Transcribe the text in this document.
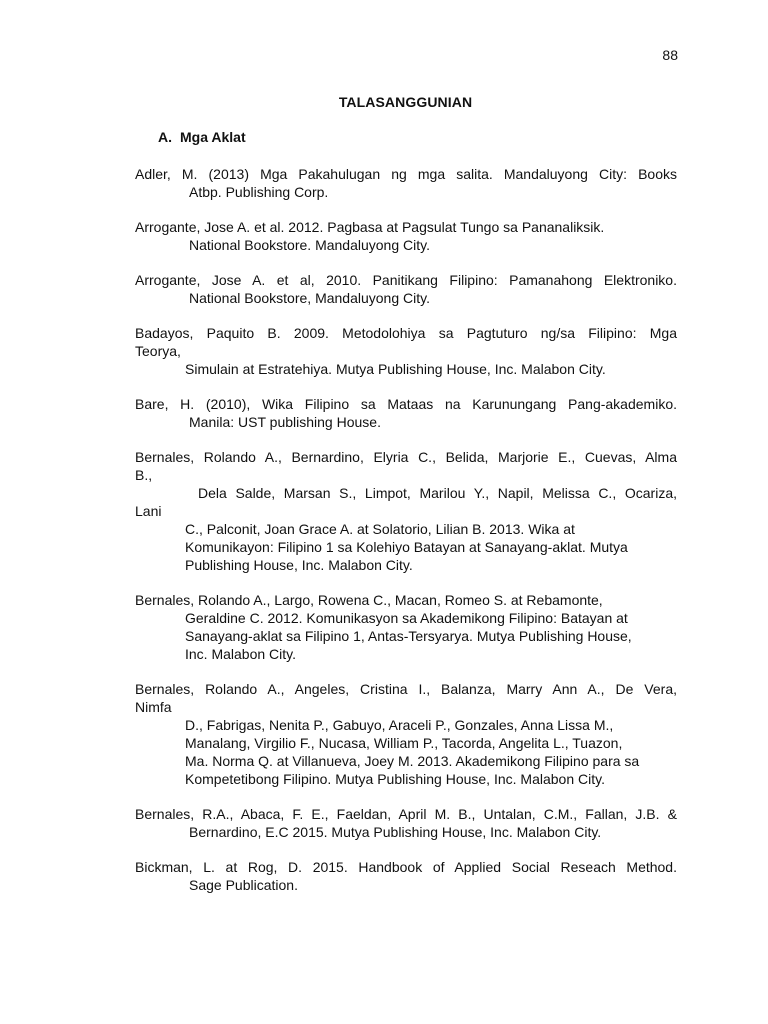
88
TALASANGGUNIAN
A. Mga Aklat
Adler, M. (2013) Mga Pakahulugan ng mga salita. Mandaluyong City: Books
Atbp. Publishing Corp.
Arrogante, Jose A. et al. 2012. Pagbasa at Pagsulat Tungo sa Pananaliksik.
National Bookstore. Mandaluyong City.
Arrogante, Jose A. et al, 2010. Panitikang Filipino: Pamanahong Elektroniko.
National Bookstore, Mandaluyong City.
Badayos, Paquito B. 2009. Metodolohiya sa Pagtuturo ng/sa Filipino: Mga
Teorya,
Simulain at Estratehiya. Mutya Publishing House, Inc. Malabon City.
Bare, H. (2010), Wika Filipino sa Mataas na Karunungang Pang-akademiko.
Manila: UST publishing House.
Bernales, Rolando A., Bernardino, Elyria C., Belida, Marjorie E., Cuevas, Alma
B.,
Dela Salde, Marsan S., Limpot, Marilou Y., Napil, Melissa C., Ocariza,
Lani
C., Palconit, Joan Grace A. at Solatorio, Lilian B. 2013. Wika at
Komunikayon: Filipino 1 sa Kolehiyo Batayan at Sanayang-aklat. Mutya
Publishing House, Inc. Malabon City.
Bernales, Rolando A., Largo, Rowena C., Macan, Romeo S. at Rebamonte,
Geraldine C. 2012. Komunikasyon sa Akademikong Filipino: Batayan at
Sanayang-aklat sa Filipino 1, Antas-Tersyarya. Mutya Publishing House,
Inc. Malabon City.
Bernales, Rolando A., Angeles, Cristina I., Balanza, Marry Ann A., De Vera,
Nimfa
D., Fabrigas, Nenita P., Gabuyo, Araceli P., Gonzales, Anna Lissa M.,
Manalang, Virgilio F., Nucasa, William P., Tacorda, Angelita L., Tuazon,
Ma. Norma Q. at Villanueva, Joey M. 2013. Akademikong Filipino para sa
Kompetetibong Filipino. Mutya Publishing House, Inc. Malabon City.
Bernales, R.A., Abaca, F. E., Faeldan, April M. B., Untalan, C.M., Fallan, J.B. &
Bernardino, E.C 2015. Mutya Publishing House, Inc. Malabon City.
Bickman, L. at Rog, D. 2015. Handbook of Applied Social Reseach Method.
Sage Publication.
